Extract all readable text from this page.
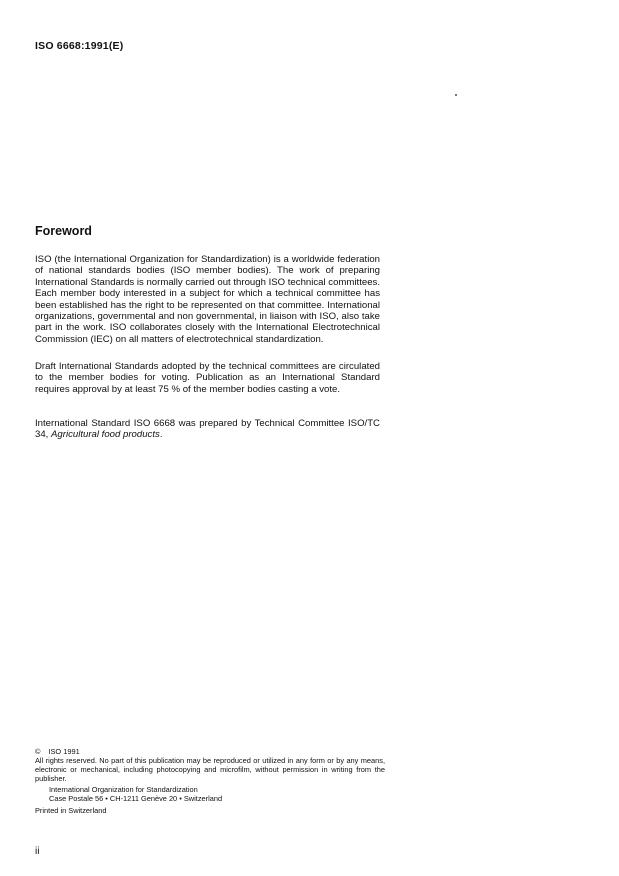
ISO 6668:1991(E)
Foreword
ISO (the International Organization for Standardization) is a worldwide federation of national standards bodies (ISO member bodies). The work of preparing International Standards is normally carried out through ISO technical committees. Each member body interested in a subject for which a technical committee has been established has the right to be represented on that committee. International organizations, governmental and non governmental, in liaison with ISO, also take part in the work. ISO collaborates closely with the International Electrotechnical Commission (IEC) on all matters of electrotechnical standardization.
Draft International Standards adopted by the technical committees are circulated to the member bodies for voting. Publication as an International Standard requires approval by at least 75 % of the member bodies casting a vote.
International Standard ISO 6668 was prepared by Technical Committee ISO/TC 34, Agricultural food products.
© ISO 1991
All rights reserved. No part of this publication may be reproduced or utilized in any form or by any means, electronic or mechanical, including photocopying and microfilm, without permission in writing from the publisher.
International Organization for Standardization
Case Postale 56 • CH-1211 Genève 20 • Switzerland
Printed in Switzerland
ii
